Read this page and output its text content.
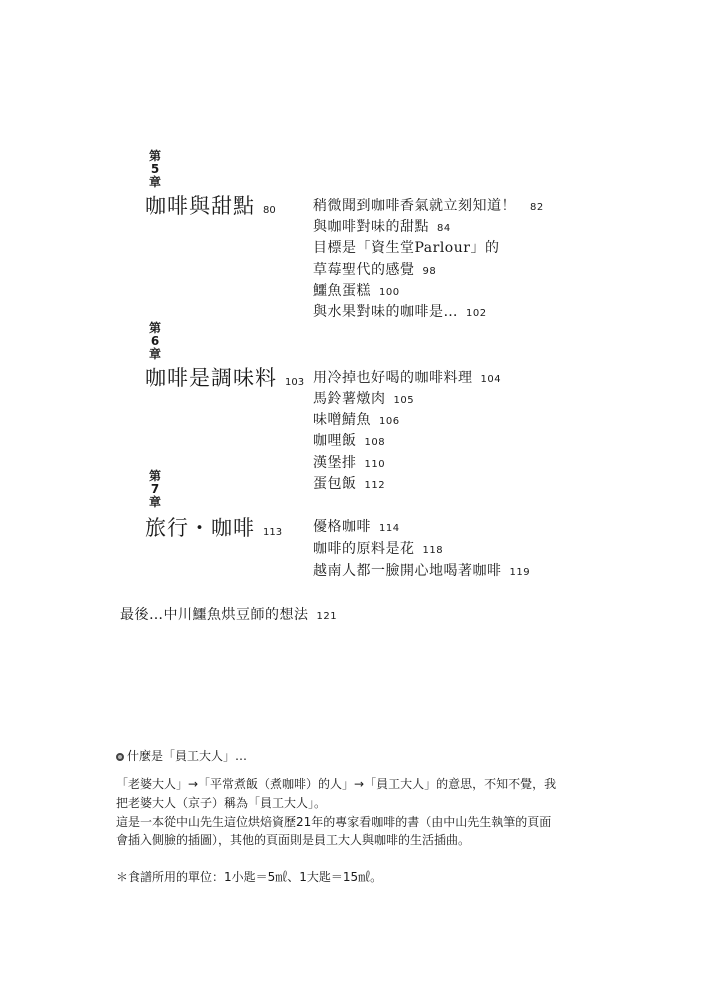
第
5
章
咖啡與甜點 80	稍微聞到咖啡香氣就立刻知道！ 82
與咖啡對味的甜點 84
目標是「資生堂Parlour」的
草莓聖代的感覺 98
鱷魚蛋糕 100
與水果對味的咖啡是… 102
第
6
章
咖啡是調味料 103 用冷掉也好喝的咖啡料理 104
馬鈴薯燉肉 105
味噌鯖魚 106
咖哩飯 108
漢堡排 110
蛋包飯 112
第
7
章
旅行・咖啡 113 優格咖啡 114
咖啡的原料是花 118
越南人都一臉開心地喝著咖啡 119
最後…中川鱷魚烘豆師的想法 121
什麼是「員工大人」…
「老婆大人」→「平常煮飯（煮咖啡）的人」→「員工大人」的意思，不知不覺，我
把老婆大人（京子）稱為「員工大人」。
這是一本從中山先生這位烘焙資歷21年的專家看咖啡的書（由中山先生執筆的頁面
會插入側臉的插圖），其他的頁面則是員工大人與咖啡的生活插曲。
＊食譜所用的單位：1小匙＝5㎖、1大匙＝15㎖。
